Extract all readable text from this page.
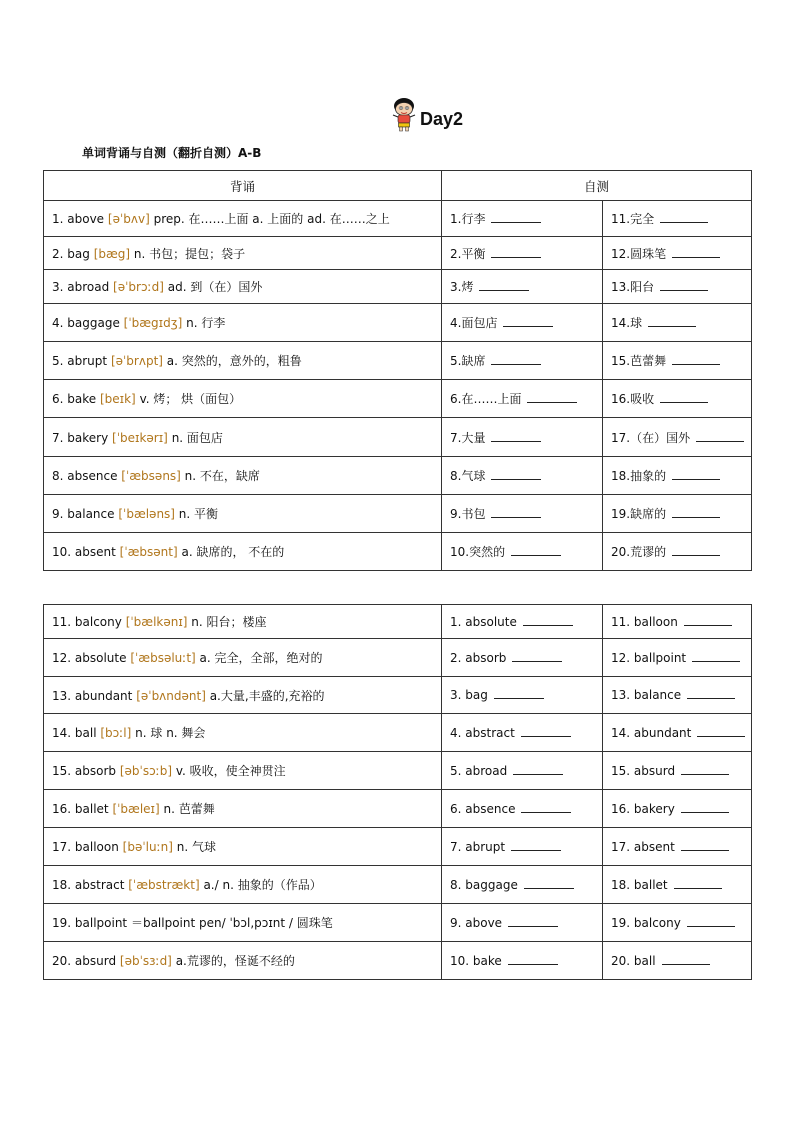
Day2
单词背诵与自测（翻折自测）A-B
背诵	自测	
1. above [əˈbʌv] prep. 在……上面 a. 上面的 ad. 在……之上	1.行李	11.完全
2. bag [bæg] n. 书包；提包；袋子	2.平衡	12.圆珠笔
3. abroad [əˈbrɔːd] ad. 到（在）国外	3.烤	13.阳台
4. baggage [ˈbægɪdʒ] n. 行李	4.面包店	14.球
5. abrupt [əˈbrʌpt] a. 突然的，意外的，粗鲁	5.缺席	15.芭蕾舞
6. bake [beɪk] v. 烤； 烘（面包）	6.在……上面	16.吸收
7. bakery [ˈbeɪkərɪ] n. 面包店	7.大量	17.（在）国外
8. absence [ˈæbsəns] n. 不在，缺席	8.气球	18.抽象的
9. balance [ˈbæləns] n. 平衡	9.书包	19.缺席的
10. absent [ˈæbsənt] a. 缺席的， 不在的	10.突然的	20.荒谬的
11. balcony [ˈbælkənɪ] n. 阳台；楼座	1. absolute	11. balloon
12. absolute [ˈæbsəluːt] a. 完全，全部，绝对的	2. absorb	12. ballpoint
13. abundant [əˈbʌndənt] a.大量,丰盛的,充裕的	3. bag	13. balance
14. ball [bɔːl] n. 球 n. 舞会	4. abstract	14. abundant
15. absorb [əbˈsɔːb] v. 吸收，使全神贯注	5. abroad	15. absurd
16. ballet [ˈbæleɪ] n. 芭蕾舞	6. absence	16. bakery
17. balloon [bəˈluːn] n. 气球	7. abrupt	17. absent
18. abstract [ˈæbstrækt] a./ n. 抽象的（作品）	8. baggage	18. ballet
19. ballpoint ＝ballpoint pen/ ˈbɔl,pɔɪnt / 圆珠笔	9. above	19. balcony
20. absurd [əbˈsɜːd] a.荒谬的，怪诞不经的	10. bake	20. ball
